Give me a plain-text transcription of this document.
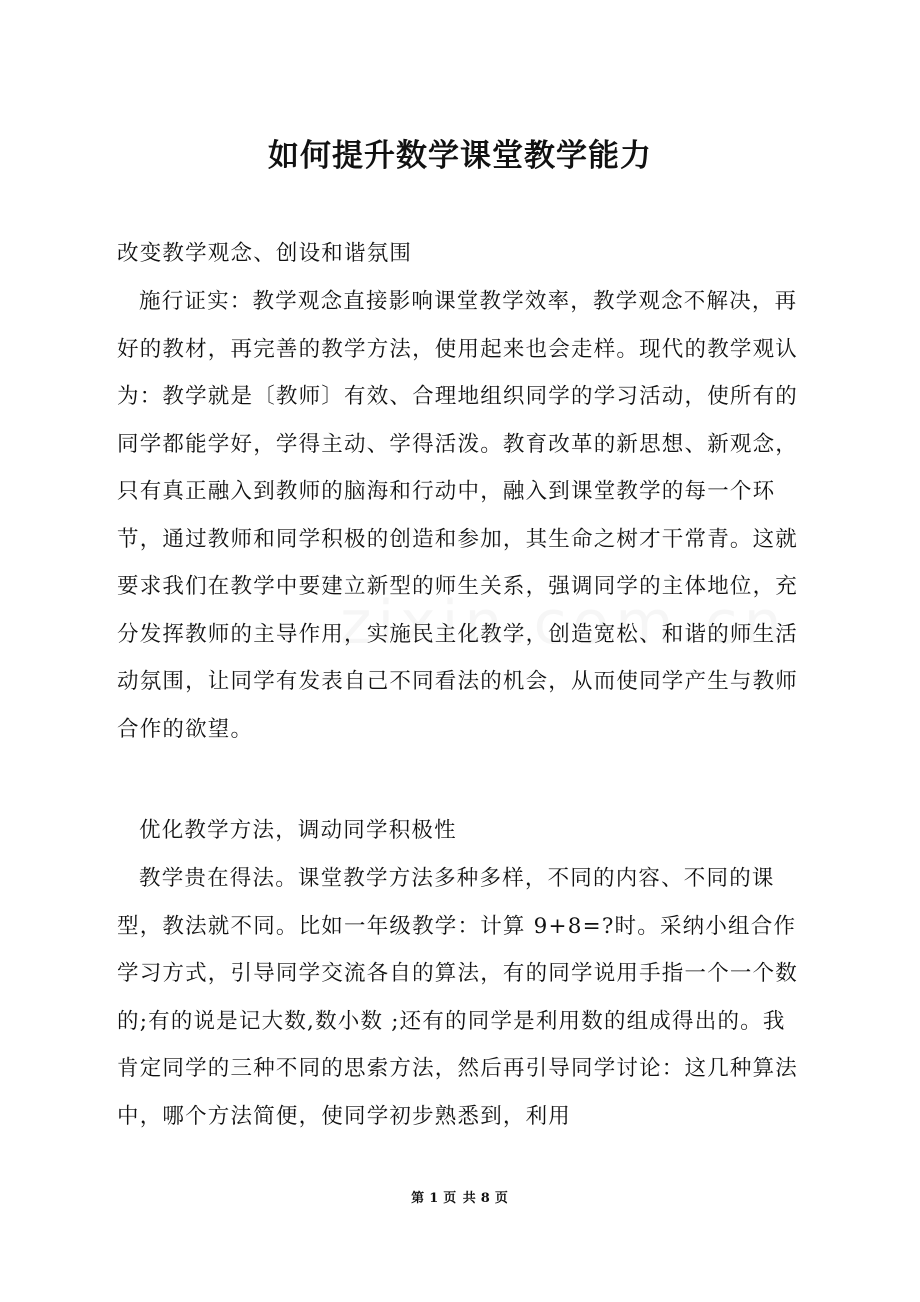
如何提升数学课堂教学能力

改变教学观念、创设和谐氛围

施行证实：教学观念直接影响课堂教学效率，教学观念不解决，再好的教材，再完善的教学方法，使用起来也会走样。现代的教学观认为：教学就是〔教师〕有效、合理地组织同学的学习活动，使所有的同学都能学好，学得主动、学得活泼。教育改革的新思想、新观念，只有真正融入到教师的脑海和行动中，融入到课堂教学的每一个环节，通过教师和同学积极的创造和参加，其生命之树才干常青。这就要求我们在教学中要建立新型的师生关系，强调同学的主体地位，充分发挥教师的主导作用，实施民主化教学，创造宽松、和谐的师生活动氛围，让同学有发表自己不同看法的机会，从而使同学产生与教师合作的欲望。

优化教学方法，调动同学积极性

教学贵在得法。课堂教学方法多种多样，不同的内容、不同的课型，教法就不同。比如一年级教学：计算 9+8=?时。采纳小组合作学习方式，引导同学交流各自的算法，有的同学说用手指一个一个数的;有的说是记大数,数小数 ;还有的同学是利用数的组成得出的。我肯定同学的三种不同的思索方法，然后再引导同学讨论：这几种算法中，哪个方法简便，使同学初步熟悉到，利用

第 1 页 共 8 页
